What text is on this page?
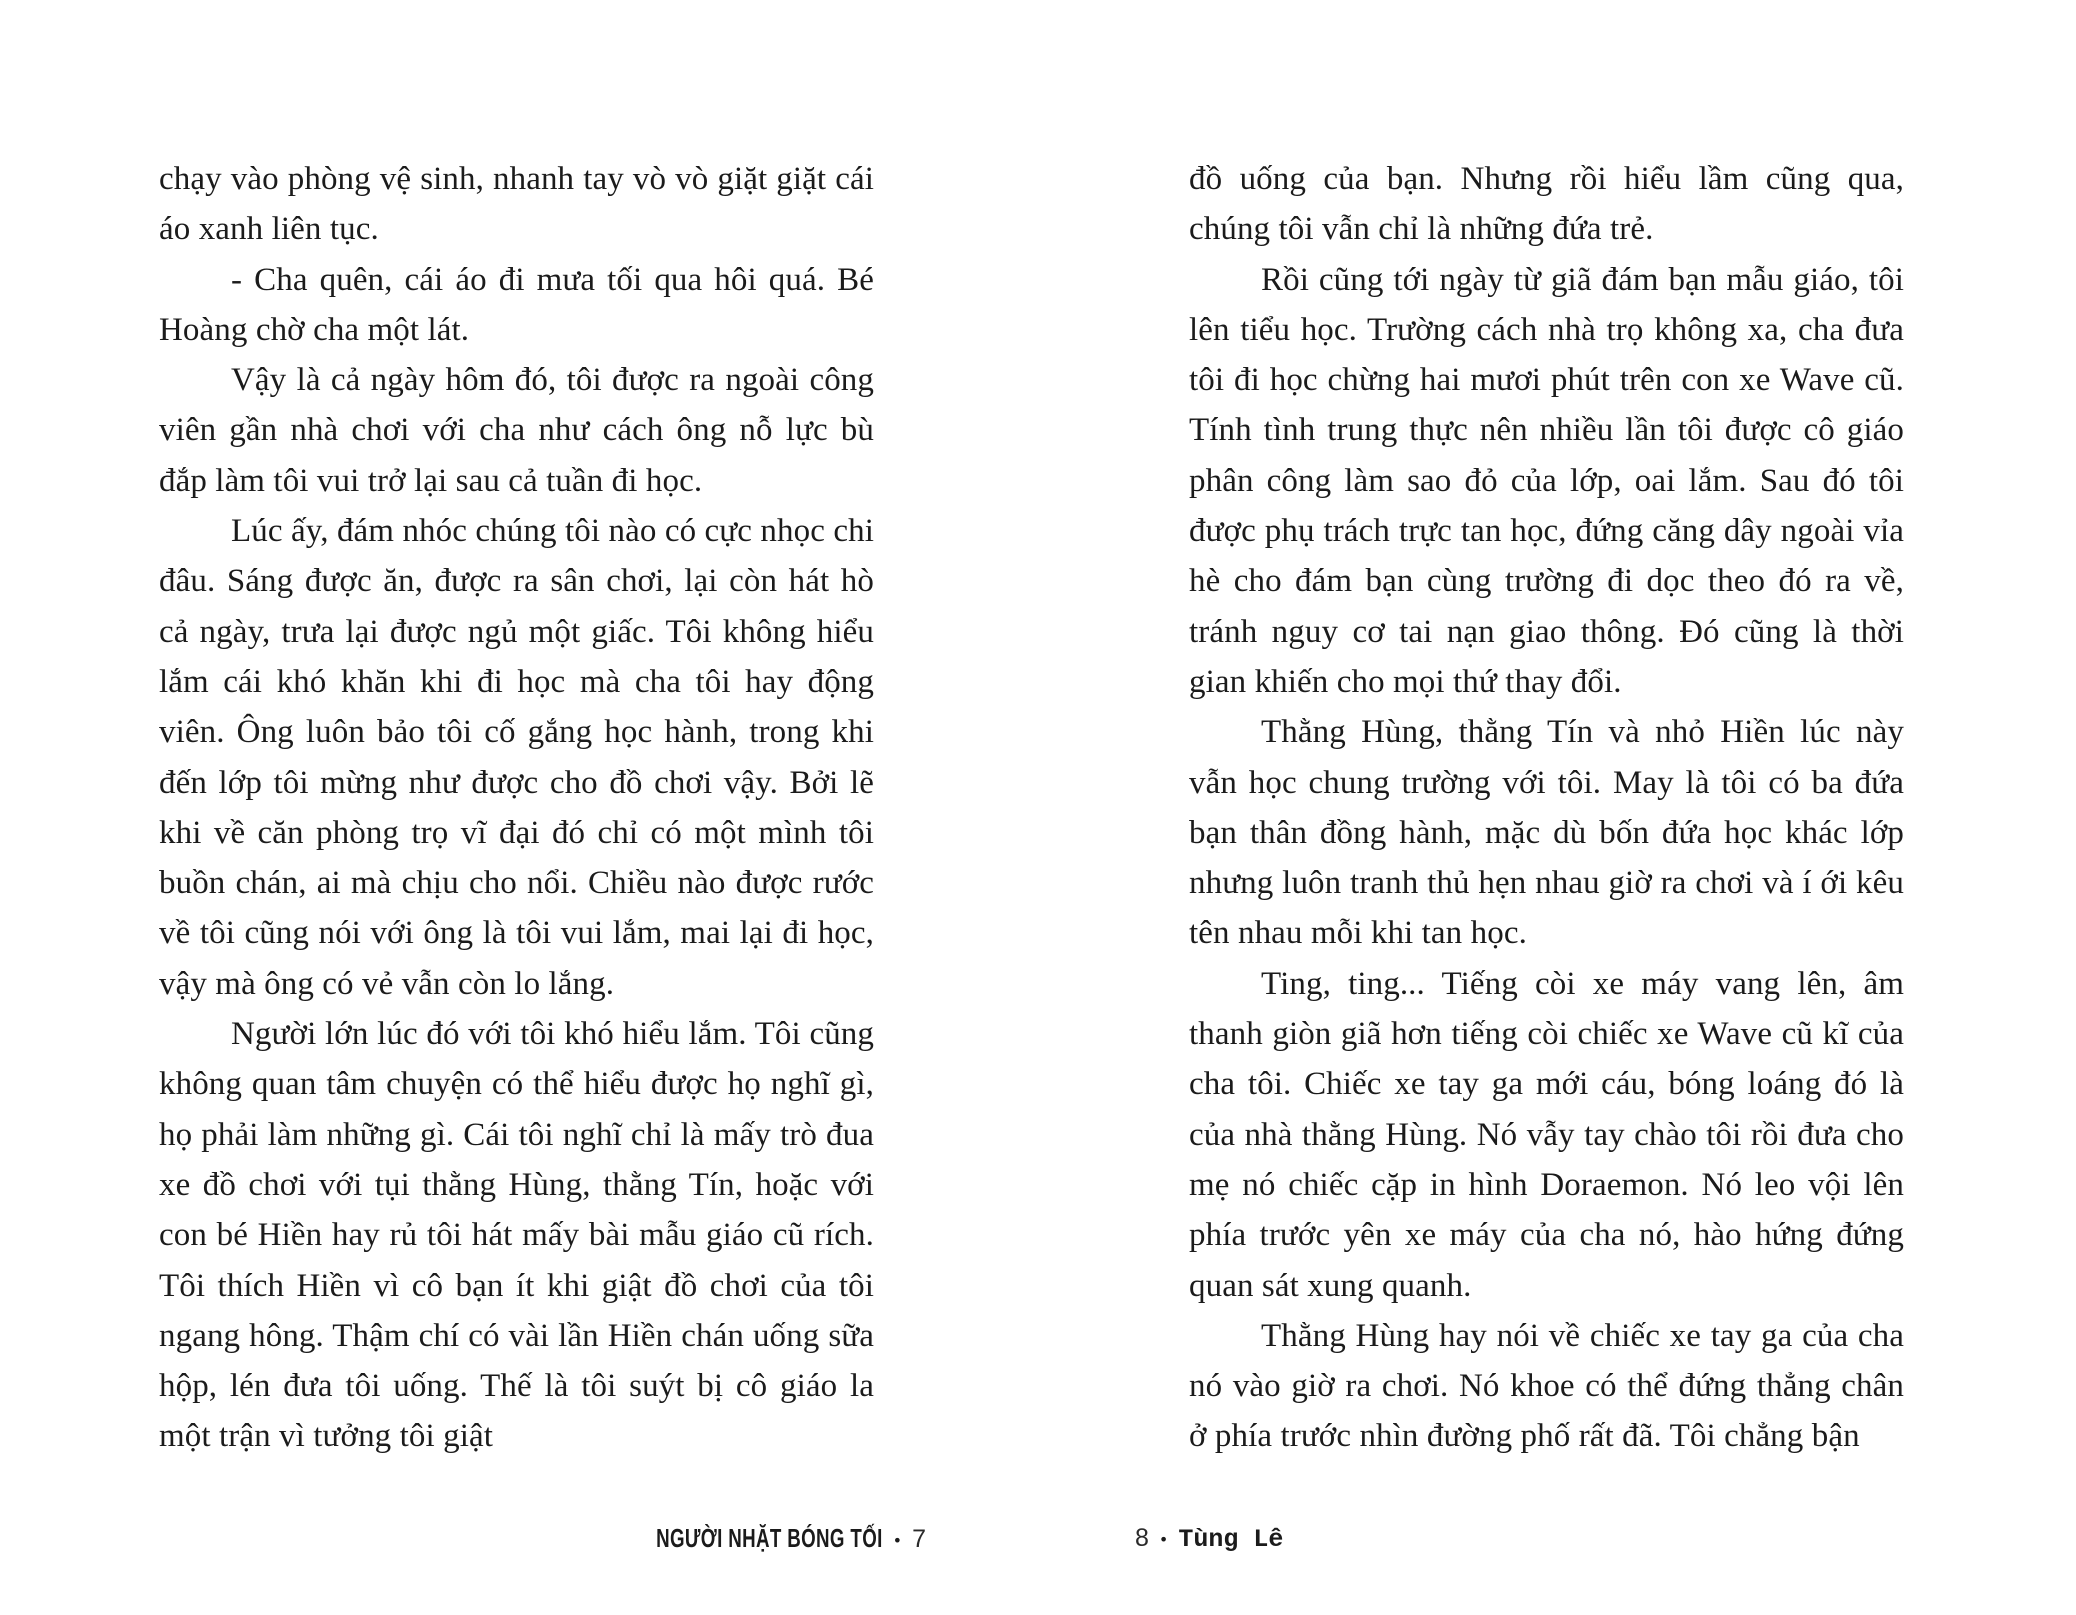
chạy vào phòng vệ sinh, nhanh tay vò vò giặt giặt cái áo xanh liên tục.

- Cha quên, cái áo đi mưa tối qua hôi quá. Bé Hoàng chờ cha một lát.

Vậy là cả ngày hôm đó, tôi được ra ngoài công viên gần nhà chơi với cha như cách ông nỗ lực bù đắp làm tôi vui trở lại sau cả tuần đi học.

Lúc ấy, đám nhóc chúng tôi nào có cực nhọc chi đâu. Sáng được ăn, được ra sân chơi, lại còn hát hò cả ngày, trưa lại được ngủ một giấc. Tôi không hiểu lắm cái khó khăn khi đi học mà cha tôi hay động viên. Ông luôn bảo tôi cố gắng học hành, trong khi đến lớp tôi mừng như được cho đồ chơi vậy. Bởi lẽ khi về căn phòng trọ vĩ đại đó chỉ có một mình tôi buồn chán, ai mà chịu cho nổi. Chiều nào được rước về tôi cũng nói với ông là tôi vui lắm, mai lại đi học, vậy mà ông có vẻ vẫn còn lo lắng.

Người lớn lúc đó với tôi khó hiểu lắm. Tôi cũng không quan tâm chuyện có thể hiểu được họ nghĩ gì, họ phải làm những gì. Cái tôi nghĩ chỉ là mấy trò đua xe đồ chơi với tụi thằng Hùng, thằng Tín, hoặc với con bé Hiền hay rủ tôi hát mấy bài mẫu giáo cũ rích. Tôi thích Hiền vì cô bạn ít khi giật đồ chơi của tôi ngang hông. Thậm chí có vài lần Hiền chán uống sữa hộp, lén đưa tôi uống. Thế là tôi suýt bị cô giáo la một trận vì tưởng tôi giật

NGƯỜI NHẶT BÓNG TỐI • 7

đồ uống của bạn. Nhưng rồi hiểu lầm cũng qua, chúng tôi vẫn chỉ là những đứa trẻ.

Rồi cũng tới ngày từ giã đám bạn mẫu giáo, tôi lên tiểu học. Trường cách nhà trọ không xa, cha đưa tôi đi học chừng hai mươi phút trên con xe Wave cũ. Tính tình trung thực nên nhiều lần tôi được cô giáo phân công làm sao đỏ của lớp, oai lắm. Sau đó tôi được phụ trách trực tan học, đứng căng dây ngoài vỉa hè cho đám bạn cùng trường đi dọc theo đó ra về, tránh nguy cơ tai nạn giao thông. Đó cũng là thời gian khiến cho mọi thứ thay đổi.

Thằng Hùng, thằng Tín và nhỏ Hiền lúc này vẫn học chung trường với tôi. May là tôi có ba đứa bạn thân đồng hành, mặc dù bốn đứa học khác lớp nhưng luôn tranh thủ hẹn nhau giờ ra chơi và í ới kêu tên nhau mỗi khi tan học.

Ting, ting... Tiếng còi xe máy vang lên, âm thanh giòn giã hơn tiếng còi chiếc xe Wave cũ kĩ của cha tôi. Chiếc xe tay ga mới cáu, bóng loáng đó là của nhà thằng Hùng. Nó vẫy tay chào tôi rồi đưa cho mẹ nó chiếc cặp in hình Doraemon. Nó leo vội lên phía trước yên xe máy của cha nó, hào hứng đứng quan sát xung quanh.

Thằng Hùng hay nói về chiếc xe tay ga của cha nó vào giờ ra chơi. Nó khoe có thể đứng thẳng chân ở phía trước nhìn đường phố rất đã. Tôi chẳng bận

8 • Tùng Lê
